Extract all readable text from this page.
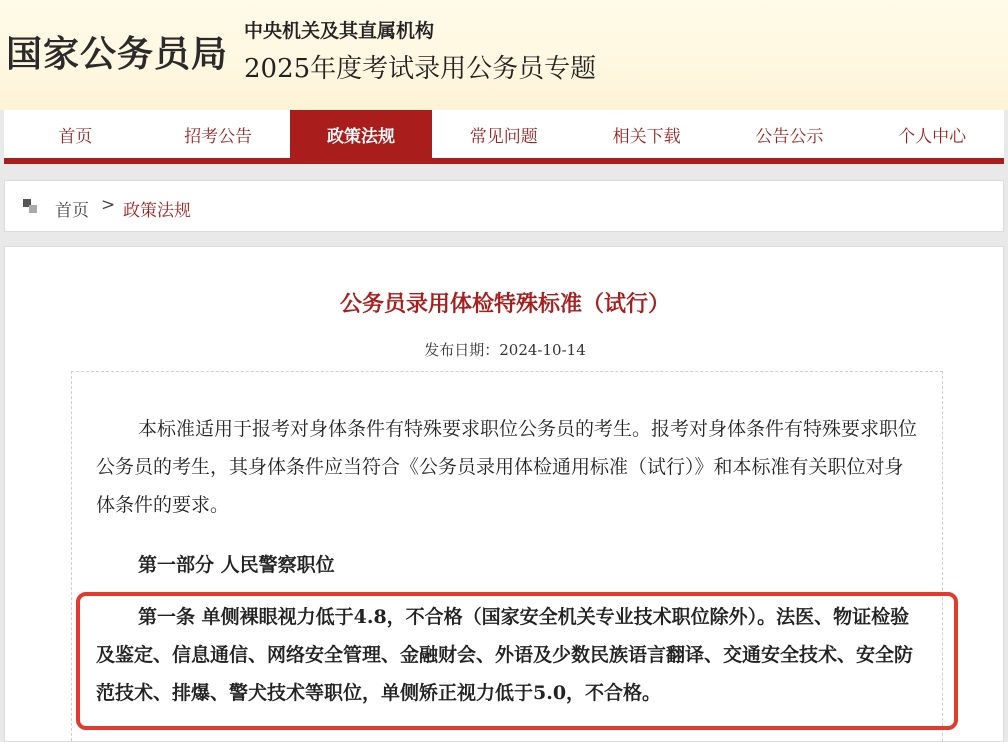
国家公务员局
中央机关及其直属机构
2025年度考试录用公务员专题
首页	招考公告	政策法规	常见问题	相关下载	公告公示	个人中心
首页 > 政策法规
公务员录用体检特殊标准（试行）
发布日期：2024-10-14

本标准适用于报考对身体条件有特殊要求职位公务员的考生。报考对身体条件有特殊要求职位公务员的考生，其身体条件应当符合《公务员录用体检通用标准（试行）》和本标准有关职位对身体条件的要求。

第一部分 人民警察职位

第一条 单侧裸眼视力低于4.8，不合格（国家安全机关专业技术职位除外）。法医、物证检验及鉴定、信息通信、网络安全管理、金融财会、外语及少数民族语言翻译、交通安全技术、安全防范技术、排爆、警犬技术等职位，单侧矫正视力低于5.0，不合格。
